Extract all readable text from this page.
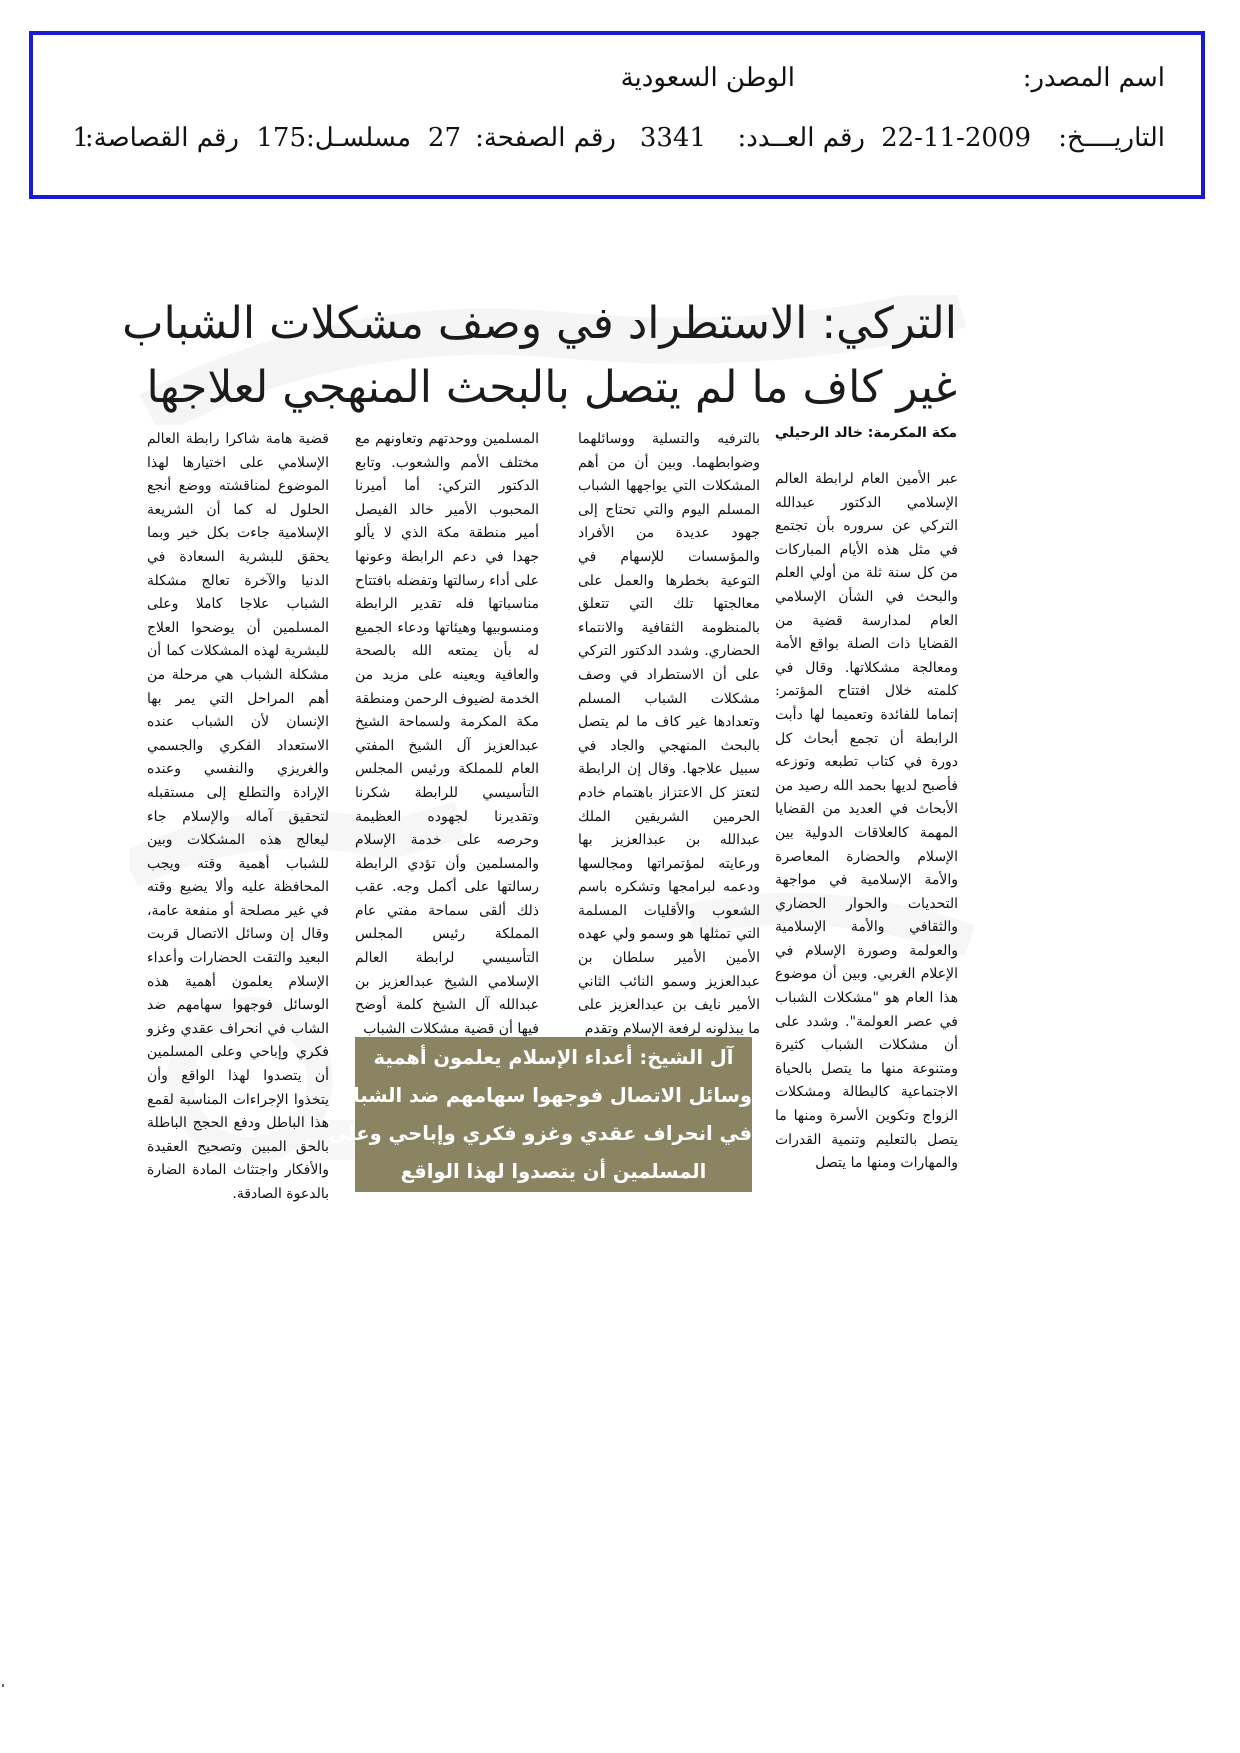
اسم المصدر:
الوطن السعودية
التاريــــخ:
22-11-2009
رقم العــدد:
3341
رقم الصفحة:
27
مسلسـل:
175
رقم القصاصة:
1
التركي: الاستطراد في وصف مشكلات الشباب
غير كاف ما لم يتصل بالبحث المنهجي لعلاجها
مكة المكرمة: خالد الرحيلي

عبر الأمين العام لرابطة العالم الإسلامي الدكتور عبدالله التركي عن سروره بأن تجتمع في مثل هذه الأيام المباركات من كل سنة ثلة من أولي العلم والبحث في الشأن الإسلامي العام لمدارسة قضية من القضايا ذات الصلة بواقع الأمة ومعالجة مشكلاتها. وقال في كلمته خلال افتتاح المؤتمر: إتماما للفائدة وتعميما لها دأبت الرابطة أن تجمع أبحاث كل دورة في كتاب تطبعه وتوزعه فأصبح لديها بحمد الله رصيد من الأبحاث في العديد من القضايا المهمة كالعلاقات الدولية بين الإسلام والحضارة المعاصرة والأمة الإسلامية في مواجهة التحديات والحوار الحضاري والثقافي والأمة الإسلامية والعولمة وصورة الإسلام في الإعلام الغربي. وبين أن موضوع هذا العام هو "مشكلات الشباب في عصر العولمة". وشدد على أن مشكلات الشباب كثيرة ومتنوعة منها ما يتصل بالحياة الاجتماعية كالبطالة ومشكلات الزواج وتكوين الأسرة ومنها ما يتصل بالتعليم وتنمية القدرات والمهارات ومنها ما يتصل

بالترفيه والتسلية ووسائلهما وضوابطهما. وبين أن من أهم المشكلات التي يواجهها الشباب المسلم اليوم والتي تحتاج إلى جهود عديدة من الأفراد والمؤسسات للإسهام في التوعية بخطرها والعمل على معالجتها تلك التي تتعلق بالمنظومة الثقافية والانتماء الحضاري. وشدد الدكتور التركي على أن الاستطراد في وصف مشكلات الشباب المسلم وتعدادها غير كاف ما لم يتصل بالبحث المنهجي والجاد في سبيل علاجها. وقال إن الرابطة لتعتز كل الاعتزاز باهتمام خادم الحرمين الشريفين الملك عبدالله بن عبدالعزيز بها ورعايته لمؤتمراتها ومجالسها ودعمه لبرامجها وتشكره باسم الشعوب والأقليات المسلمة التي تمثلها هو وسمو ولي عهده الأمين الأمير سلطان بن عبدالعزيز وسمو النائب الثاني الأمير نايف بن عبدالعزيز على ما يبذلونه لرفعة الإسلام وتقدم

المسلمين ووحدتهم وتعاونهم مع مختلف الأمم والشعوب. وتابع الدكتور التركي: أما أميرنا المحبوب الأمير خالد الفيصل أمير منطقة مكة الذي لا يألو جهدا في دعم الرابطة وعونها على أداء رسالتها وتفضله بافتتاح مناسباتها فله تقدير الرابطة ومنسوبيها وهيئاتها ودعاء الجميع له بأن يمتعه الله بالصحة والعافية ويعينه على مزيد من الخدمة لضيوف الرحمن ومنطقة مكة المكرمة ولسماحة الشيخ عبدالعزيز آل الشيخ المفتي العام للمملكة ورئيس المجلس التأسيسي للرابطة شكرنا وتقديرنا لجهوده العظيمة وحرصه على خدمة الإسلام والمسلمين وأن تؤدي الرابطة رسالتها على أكمل وجه. عقب ذلك ألقى سماحة مفتي عام المملكة رئيس المجلس التأسيسي لرابطة العالم الإسلامي الشيخ عبدالعزيز بن عبدالله آل الشيخ كلمة أوضح فيها أن قضية مشكلات الشباب

قضية هامة شاكرا رابطة العالم الإسلامي على اختيارها لهذا الموضوع لمناقشته ووضع أنجع الحلول له كما أن الشريعة الإسلامية جاءت بكل خير وبما يحقق للبشرية السعادة في الدنيا والآخرة تعالج مشكلة الشباب علاجا كاملا وعلى المسلمين أن يوضحوا العلاج للبشرية لهذه المشكلات كما أن مشكلة الشباب هي مرحلة من أهم المراحل التي يمر بها الإنسان لأن الشباب عنده الاستعداد الفكري والجسمي والغريزي والنفسي وعنده الإرادة والتطلع إلى مستقبله لتحقيق آماله والإسلام جاء ليعالج هذه المشكلات وبين للشباب أهمية وقته ويجب المحافظة عليه وألا يضيع وقته في غير مصلحة أو منفعة عامة، وقال إن وسائل الاتصال قربت البعيد والتقت الحضارات وأعداء الإسلام يعلمون أهمية هذه الوسائل فوجهوا سهامهم ضد الشاب في انحراف عقدي وغزو فكري وإباحي وعلى المسلمين أن يتصدوا لهذا الواقع وأن يتخذوا الإجراءات المناسبة لقمع هذا الباطل ودفع الحجج الباطلة بالحق المبين وتصحيح العقيدة والأفكار واجتثاث المادة الضارة بالدعوة الصادقة.

آل الشيخ: أعداء الإسلام يعلمون أهمية
وسائل الاتصال فوجهوا سهامهم ضد الشباب
في انحراف عقدي وغزو فكري وإباحي وعلى
المسلمين أن يتصدوا لهذا الواقع
